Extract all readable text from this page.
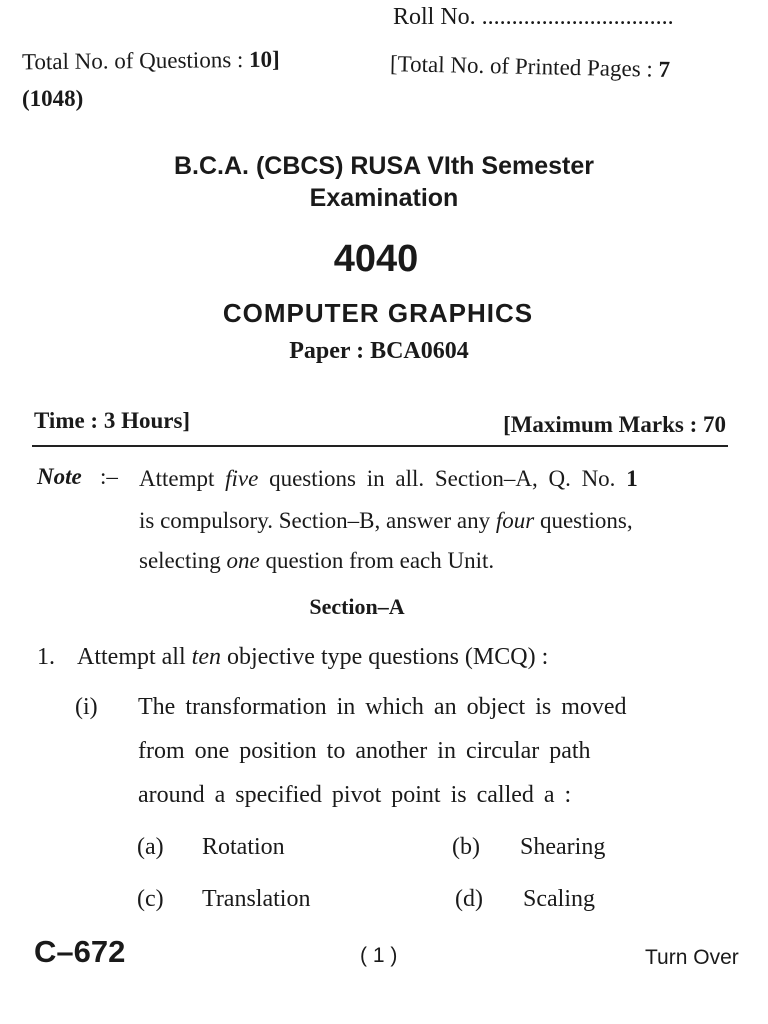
Roll No. ................................
Total No. of Questions : 10]	[Total No. of Printed Pages : 7
(1048)
B.C.A. (CBCS) RUSA VIth Semester
Examination
4040
COMPUTER GRAPHICS
Paper : BCA0604
Time : 3 Hours]	[Maximum Marks : 70
Note :– Attempt five questions in all. Section–A, Q. No. 1
is compulsory. Section–B, answer any four questions,
selecting one question from each Unit.
Section–A
1. Attempt all ten objective type questions (MCQ) :
(i) The transformation in which an object is moved
from one position to another in circular path
around a specified pivot point is called a :
(a) Rotation	(b) Shearing
(c) Translation	(d) Scaling
C–672	( 1 )	Turn Over
